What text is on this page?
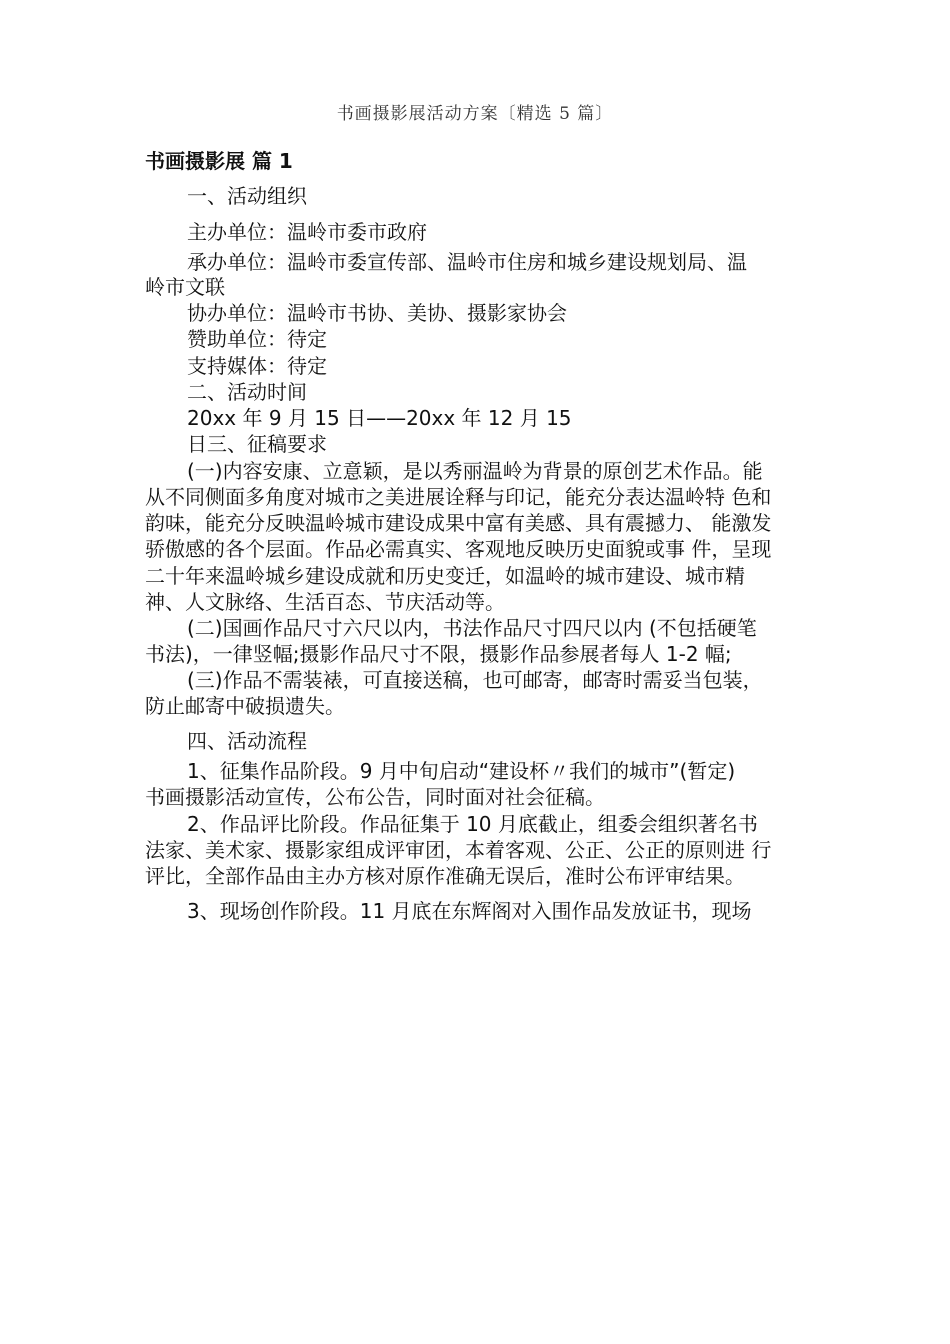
书画摄影展活动方案〔精选 5 篇〕
书画摄影展 篇 1
一、活动组织
主办单位：温岭市委市政府
承办单位：温岭市委宣传部、温岭市住房和城乡建设规划局、温
岭市文联
协办单位：温岭市书协、美协、摄影家协会
赞助单位：待定
支持媒体：待定
二、活动时间
20xx 年 9 月 15 日——20xx 年 12 月 15
日三、征稿要求
(一)内容安康、立意颖，是以秀丽温岭为背景的原创艺术作品。能
从不同侧面多角度对城市之美进展诠释与印记，能充分表达温岭特 色和
韵味，能充分反映温岭城市建设成果中富有美感、具有震撼力、 能激发
骄傲感的各个层面。作品必需真实、客观地反映历史面貌或事 件，呈现
二十年来温岭城乡建设成就和历史变迁，如温岭的城市建设、城市精
神、人文脉络、生活百态、节庆活动等。
(二)国画作品尺寸六尺以内，书法作品尺寸四尺以内 (不包括硬笔
书法)，一律竖幅;摄影作品尺寸不限，摄影作品参展者每人 1-2 幅;
(三)作品不需装裱，可直接送稿，也可邮寄，邮寄时需妥当包装，
防止邮寄中破损遗失。
四、活动流程
1、征集作品阶段。9 月中旬启动“建设杯〃我们的城市”(暂定)
书画摄影活动宣传，公布公告，同时面对社会征稿。
2、作品评比阶段。作品征集于 10 月底截止，组委会组织著名书
法家、美术家、摄影家组成评审团，本着客观、公正、公正的原则进 行
评比，全部作品由主办方核对原作准确无误后，准时公布评审结果。
3、现场创作阶段。11 月底在东辉阁对入围作品发放证书，现场
